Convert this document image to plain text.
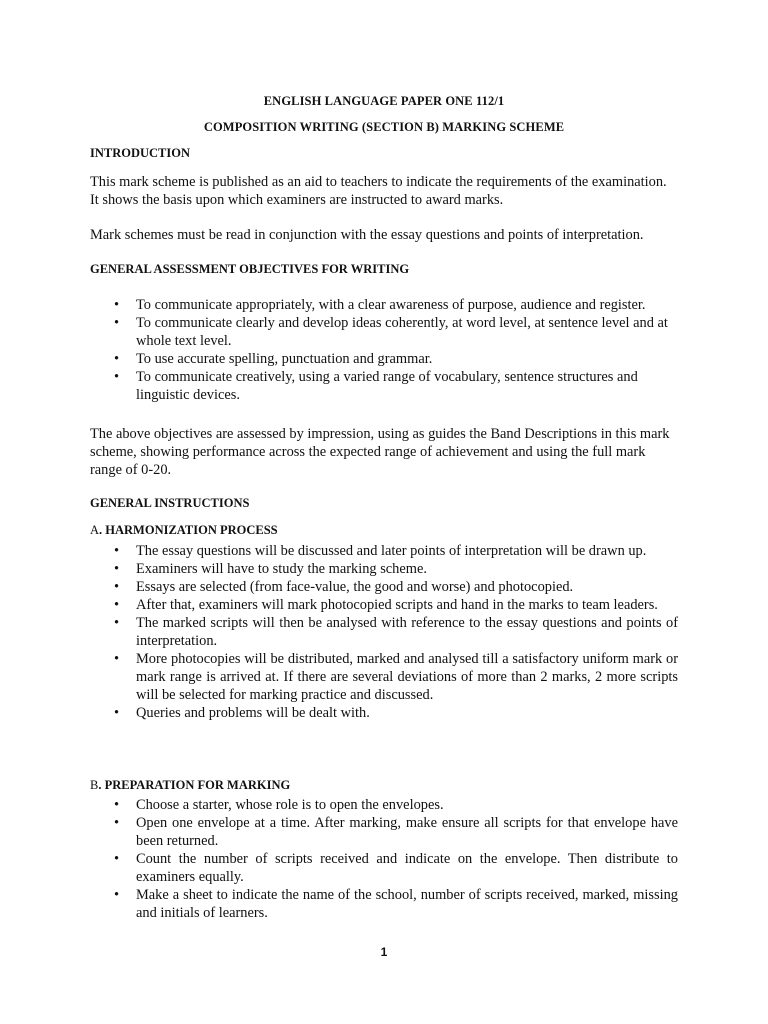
ENGLISH LANGUAGE PAPER ONE 112/1
COMPOSITION WRITING (SECTION B) MARKING SCHEME
INTRODUCTION

This mark scheme is published as an aid to teachers to indicate the requirements of the examination. It shows the basis upon which examiners are instructed to award marks.

Mark schemes must be read in conjunction with the essay questions and points of interpretation.

GENERAL ASSESSMENT OBJECTIVES FOR WRITING
• To communicate appropriately, with a clear awareness of purpose, audience and register.
• To communicate clearly and develop ideas coherently, at word level, at sentence level and at whole text level.
• To use accurate spelling, punctuation and grammar.
• To communicate creatively, using a varied range of vocabulary, sentence structures and linguistic devices.

The above objectives are assessed by impression, using as guides the Band Descriptions in this mark scheme, showing performance across the expected range of achievement and using the full mark range of 0-20.

GENERAL INSTRUCTIONS
A. HARMONIZATION PROCESS
• The essay questions will be discussed and later points of interpretation will be drawn up.
• Examiners will have to study the marking scheme.
• Essays are selected (from face-value, the good and worse) and photocopied.
• After that, examiners will mark photocopied scripts and hand in the marks to team leaders.
• The marked scripts will then be analysed with reference to the essay questions and points of interpretation.
• More photocopies will be distributed, marked and analysed till a satisfactory uniform mark or mark range is arrived at. If there are several deviations of more than 2 marks, 2 more scripts will be selected for marking practice and discussed.
• Queries and problems will be dealt with.
B. PREPARATION FOR MARKING
• Choose a starter, whose role is to open the envelopes.
• Open one envelope at a time. After marking, make ensure all scripts for that envelope have been returned.
• Count the number of scripts received and indicate on the envelope. Then distribute to examiners equally.
• Make a sheet to indicate the name of the school, number of scripts received, marked, missing and initials of learners.
1
